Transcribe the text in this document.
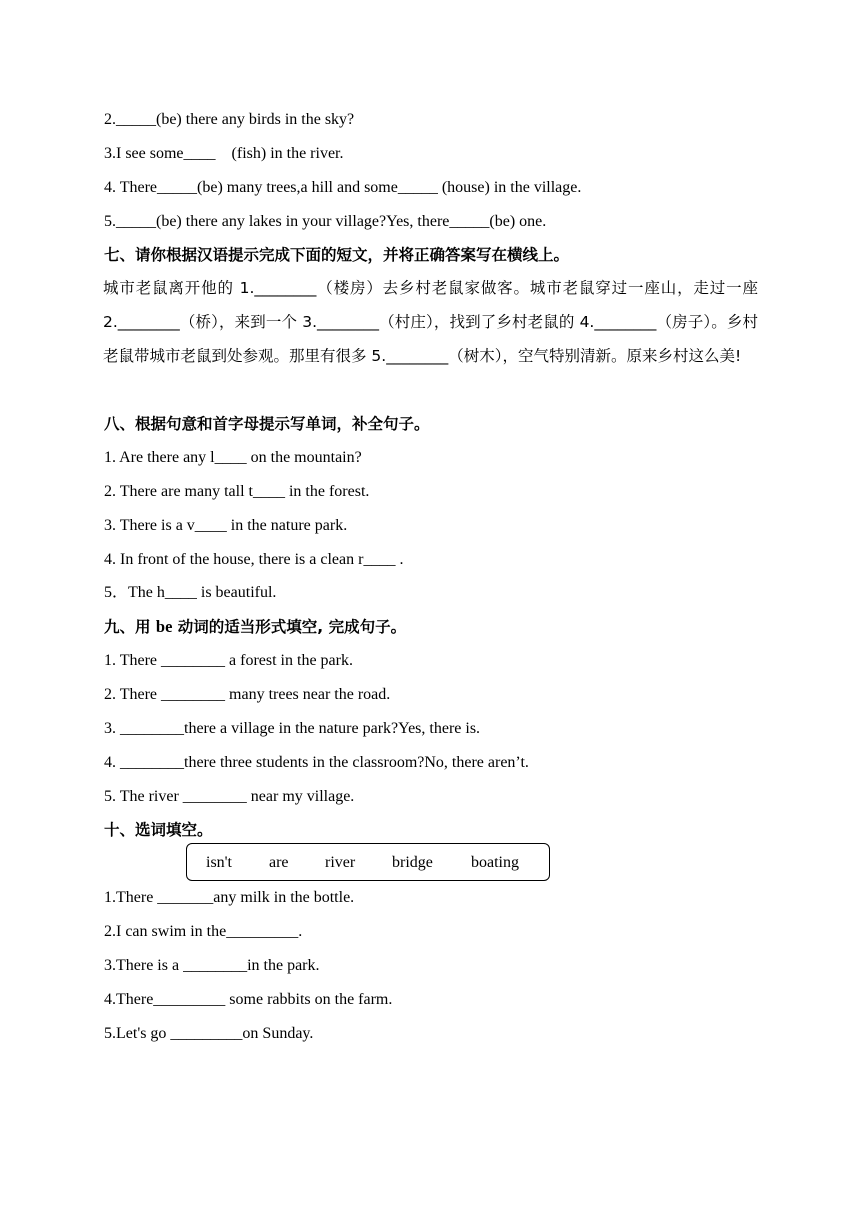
2._____(be) there any birds in the sky?
3.I see some____    (fish) in the river.
4. There_____(be) many trees,a hill and some_____ (house) in the village.
5._____(be) there any lakes in your village?Yes, there_____(be) one.
七、请你根据汉语提示完成下面的短文，并将正确答案写在横线上。
城市老鼠离开他的 1.________（楼房）去乡村老鼠家做客。城市老鼠穿过一座山，走过一座 2.________（桥），来到一个 3.________（村庄），找到了乡村老鼠的 4.________（房子）。乡村老鼠带城市老鼠到处参观。那里有很多 5.________（树木），空气特别清新。原来乡村这么美!
八、根据句意和首字母提示写单词，补全句子。
1. Are there any l____ on the mountain?
2. There are many tall t____ in the forest.
3. There is a v____ in the nature park.
4. In front of the house, there is a clean r____ .
5．The h____ is beautiful.
九、用 be 动词的适当形式填空, 完成句子。
1. There ________ a forest in the park.
2. There ________ many trees near the road.
3. ________there a village in the nature park?Yes, there is.
4. ________there three students in the classroom?No, there aren’t.
5. The river ________ near my village.
十、选词填空。
isn't are river bridge boating
1.There _______any milk in the bottle.
2.I can swim in the_________.
3.There is a ________in the park.
4.There_________ some rabbits on the farm.
5.Let's go _________on Sunday.
